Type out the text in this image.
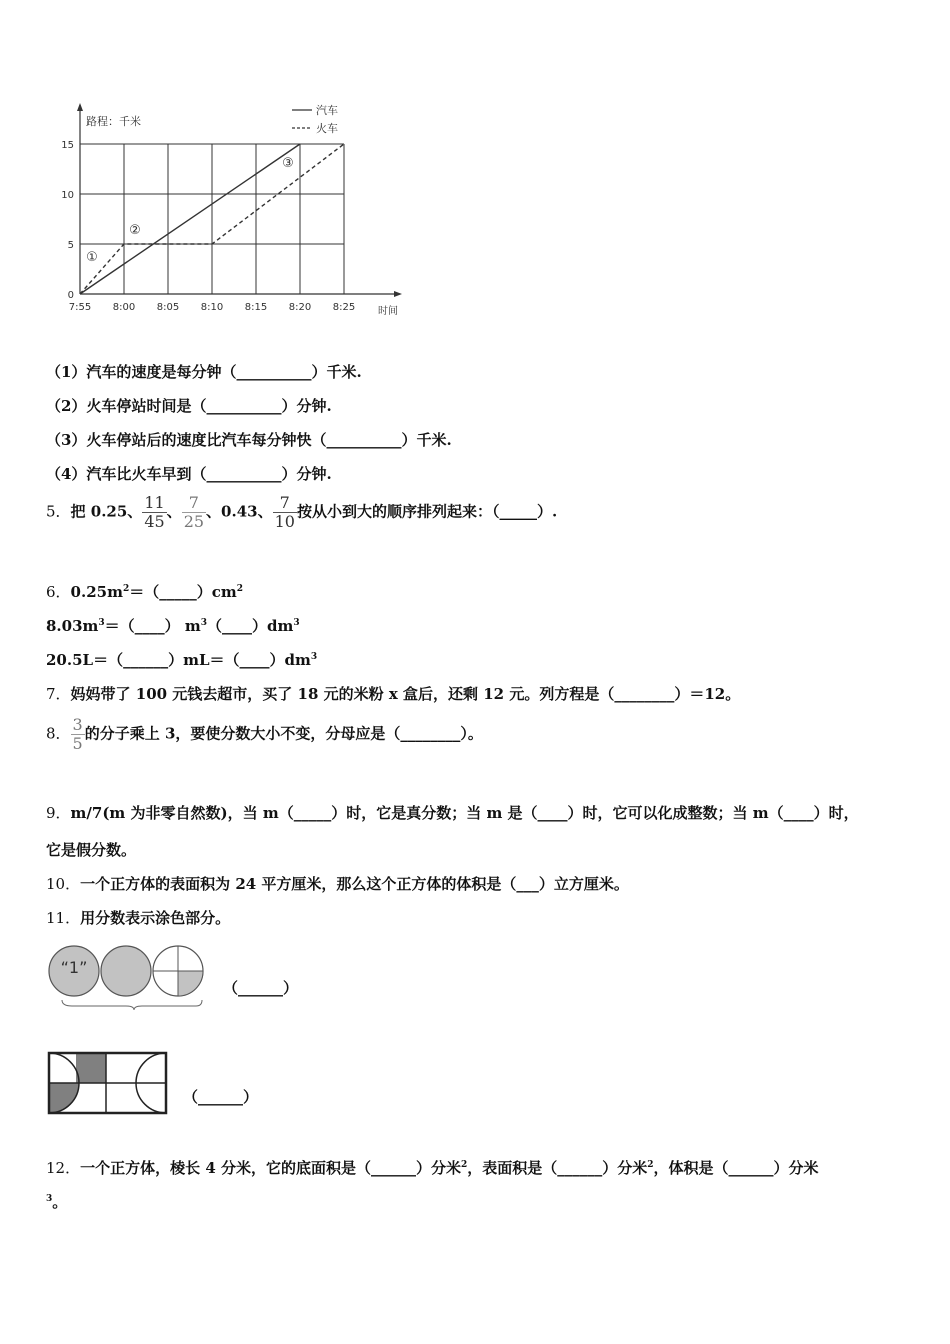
7:55 8:00 8:05 8:10 8:15 8:20 8:25
0
5
10
15
路程：千米
时间
汽车
火车
①
②
③
（1）汽车的速度是每分钟（__________）千米.
（2）火车停站时间是（__________）分钟.
（3）火车停站后的速度比汽车每分钟快（__________）千米.
（4）汽车比火车早到（__________）分钟.
5．把 0.25、 $\frac{11}{45}$ 、 $\frac{7}{25}$ 、0.43、 $\frac{7}{10}$ 按从小到大的顺序排列起来：（_____）.
6．$0.25m^2=(\_\_\_\_\_)cm^2$
$8.03m^3=(\_\_\_\_)$ $m^3(\_\_\_\_)dm^3$
$20.5L=(\_\_\_\_\_\_)mL=(\_\_\_\_)dm^3$
7．妈妈带了 100 元钱去超市，买了 18 元的米粉 x 盒后，还剩 12 元。列方程是（________）＝12。
8． $\frac{3}{5}$ 的分子乘上 3，要使分数大小不变，分母应是（________）。
9．m/7(m 为非零自然数)，当 m（_____）时，它是真分数；当 m 是（____）时，它可以化成整数；当 m（____）时，
它是假分数。
10．一个正方体的表面积为 24 平方厘米，那么这个正方体的体积是（___）立方厘米。
11．用分数表示涂色部分。
“1”
（______）
（______）
12．一个正方体，棱长 4 分米，它的底面积是（______）分米$^2$，表面积是（______）分米$^2$，体积是（______）分米
$^3$。
